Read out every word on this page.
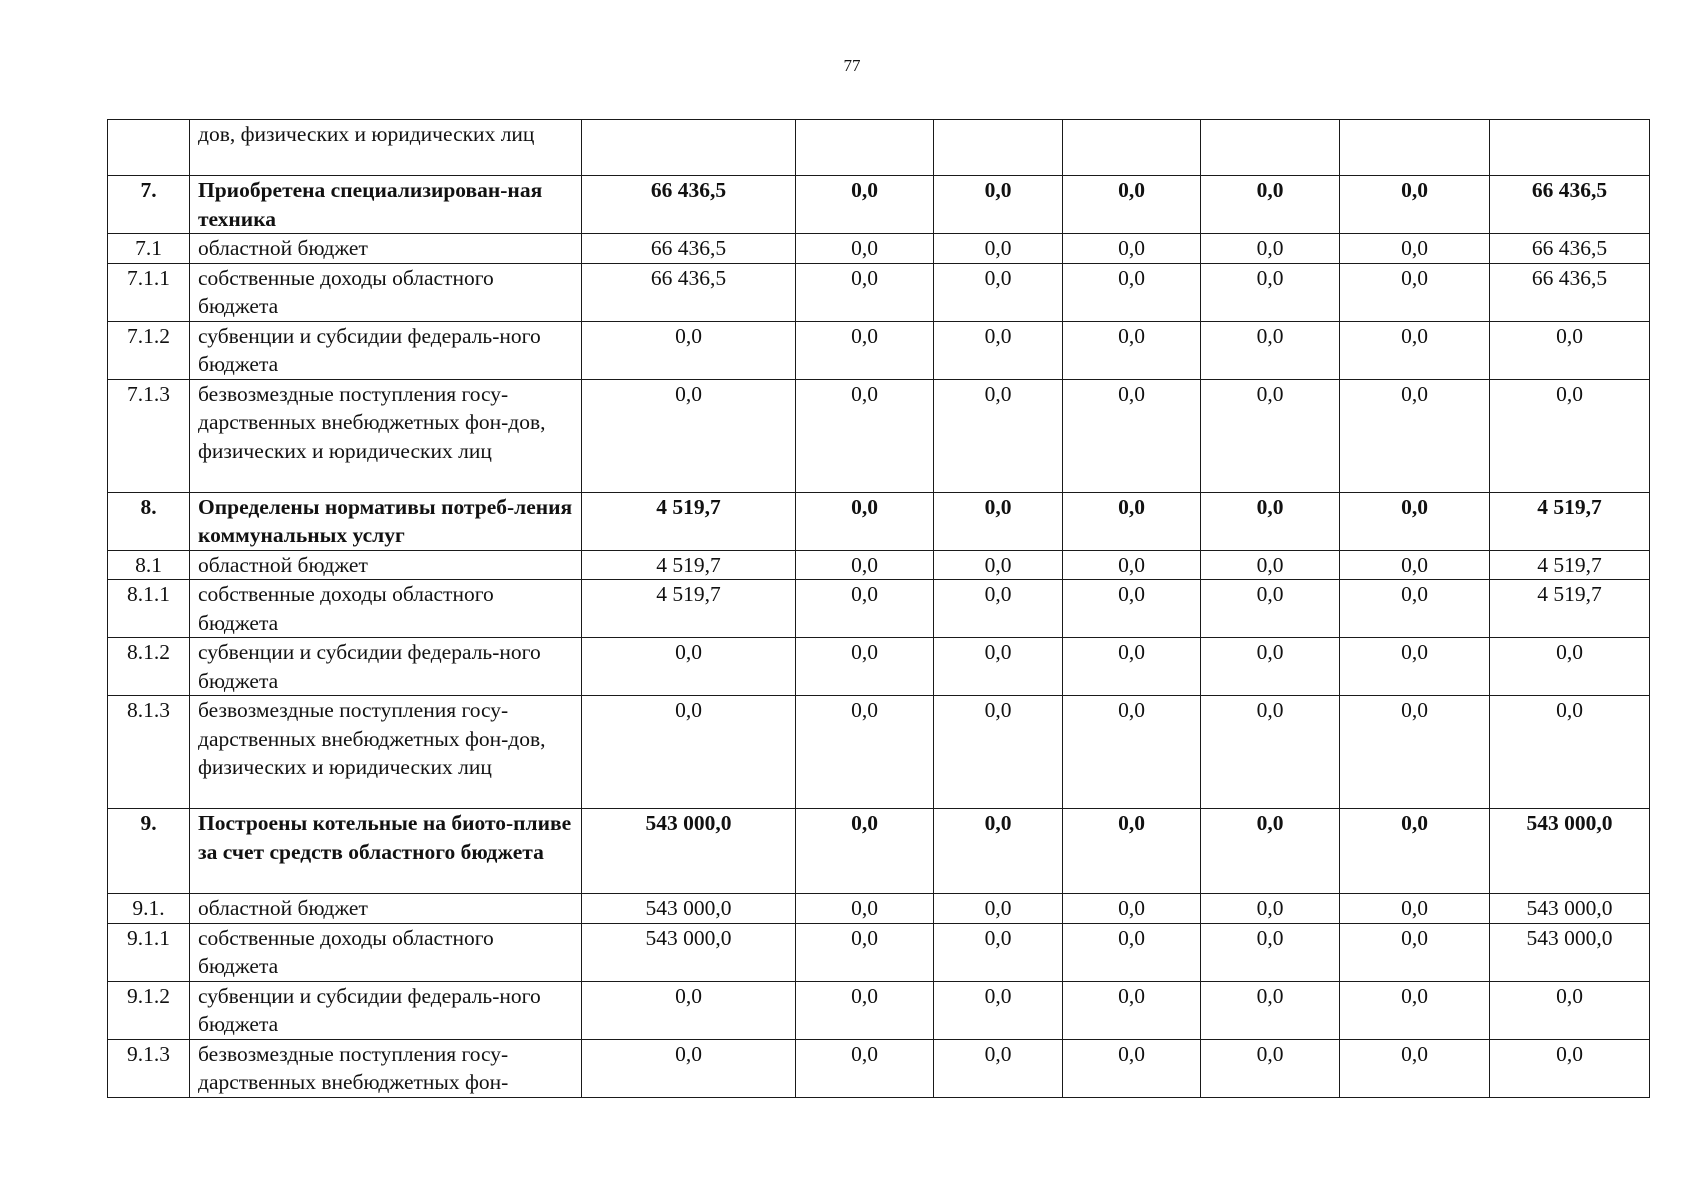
77
	дов, физических и юридических лиц							
7.	Приобретена специализирован-ная техника	66 436,5	0,0	0,0	0,0	0,0	0,0	66 436,5
7.1	областной бюджет	66 436,5	0,0	0,0	0,0	0,0	0,0	66 436,5
7.1.1	собственные доходы областного бюджета	66 436,5	0,0	0,0	0,0	0,0	0,0	66 436,5
7.1.2	субвенции и субсидии федераль-ного бюджета	0,0	0,0	0,0	0,0	0,0	0,0	0,0
7.1.3	безвозмездные поступления госу-дарственных внебюджетных фон-дов, физических и юридических лиц	0,0	0,0	0,0	0,0	0,0	0,0	0,0
8.	Определены нормативы потреб-ления коммунальных услуг	4 519,7	0,0	0,0	0,0	0,0	0,0	4 519,7
8.1	областной бюджет	4 519,7	0,0	0,0	0,0	0,0	0,0	4 519,7
8.1.1	собственные доходы областного бюджета	4 519,7	0,0	0,0	0,0	0,0	0,0	4 519,7
8.1.2	субвенции и субсидии федераль-ного бюджета	0,0	0,0	0,0	0,0	0,0	0,0	0,0
8.1.3	безвозмездные поступления госу-дарственных внебюджетных фон-дов, физических и юридических лиц	0,0	0,0	0,0	0,0	0,0	0,0	0,0
9.	Построены котельные на биото-пливе за счет средств областного бюджета	543 000,0	0,0	0,0	0,0	0,0	0,0	543 000,0
9.1.	областной бюджет	543 000,0	0,0	0,0	0,0	0,0	0,0	543 000,0
9.1.1	собственные доходы областного бюджета	543 000,0	0,0	0,0	0,0	0,0	0,0	543 000,0
9.1.2	субвенции и субсидии федераль-ного бюджета	0,0	0,0	0,0	0,0	0,0	0,0	0,0
9.1.3	безвозмездные поступления госу-дарственных внебюджетных фон-	0,0	0,0	0,0	0,0	0,0	0,0	0,0
